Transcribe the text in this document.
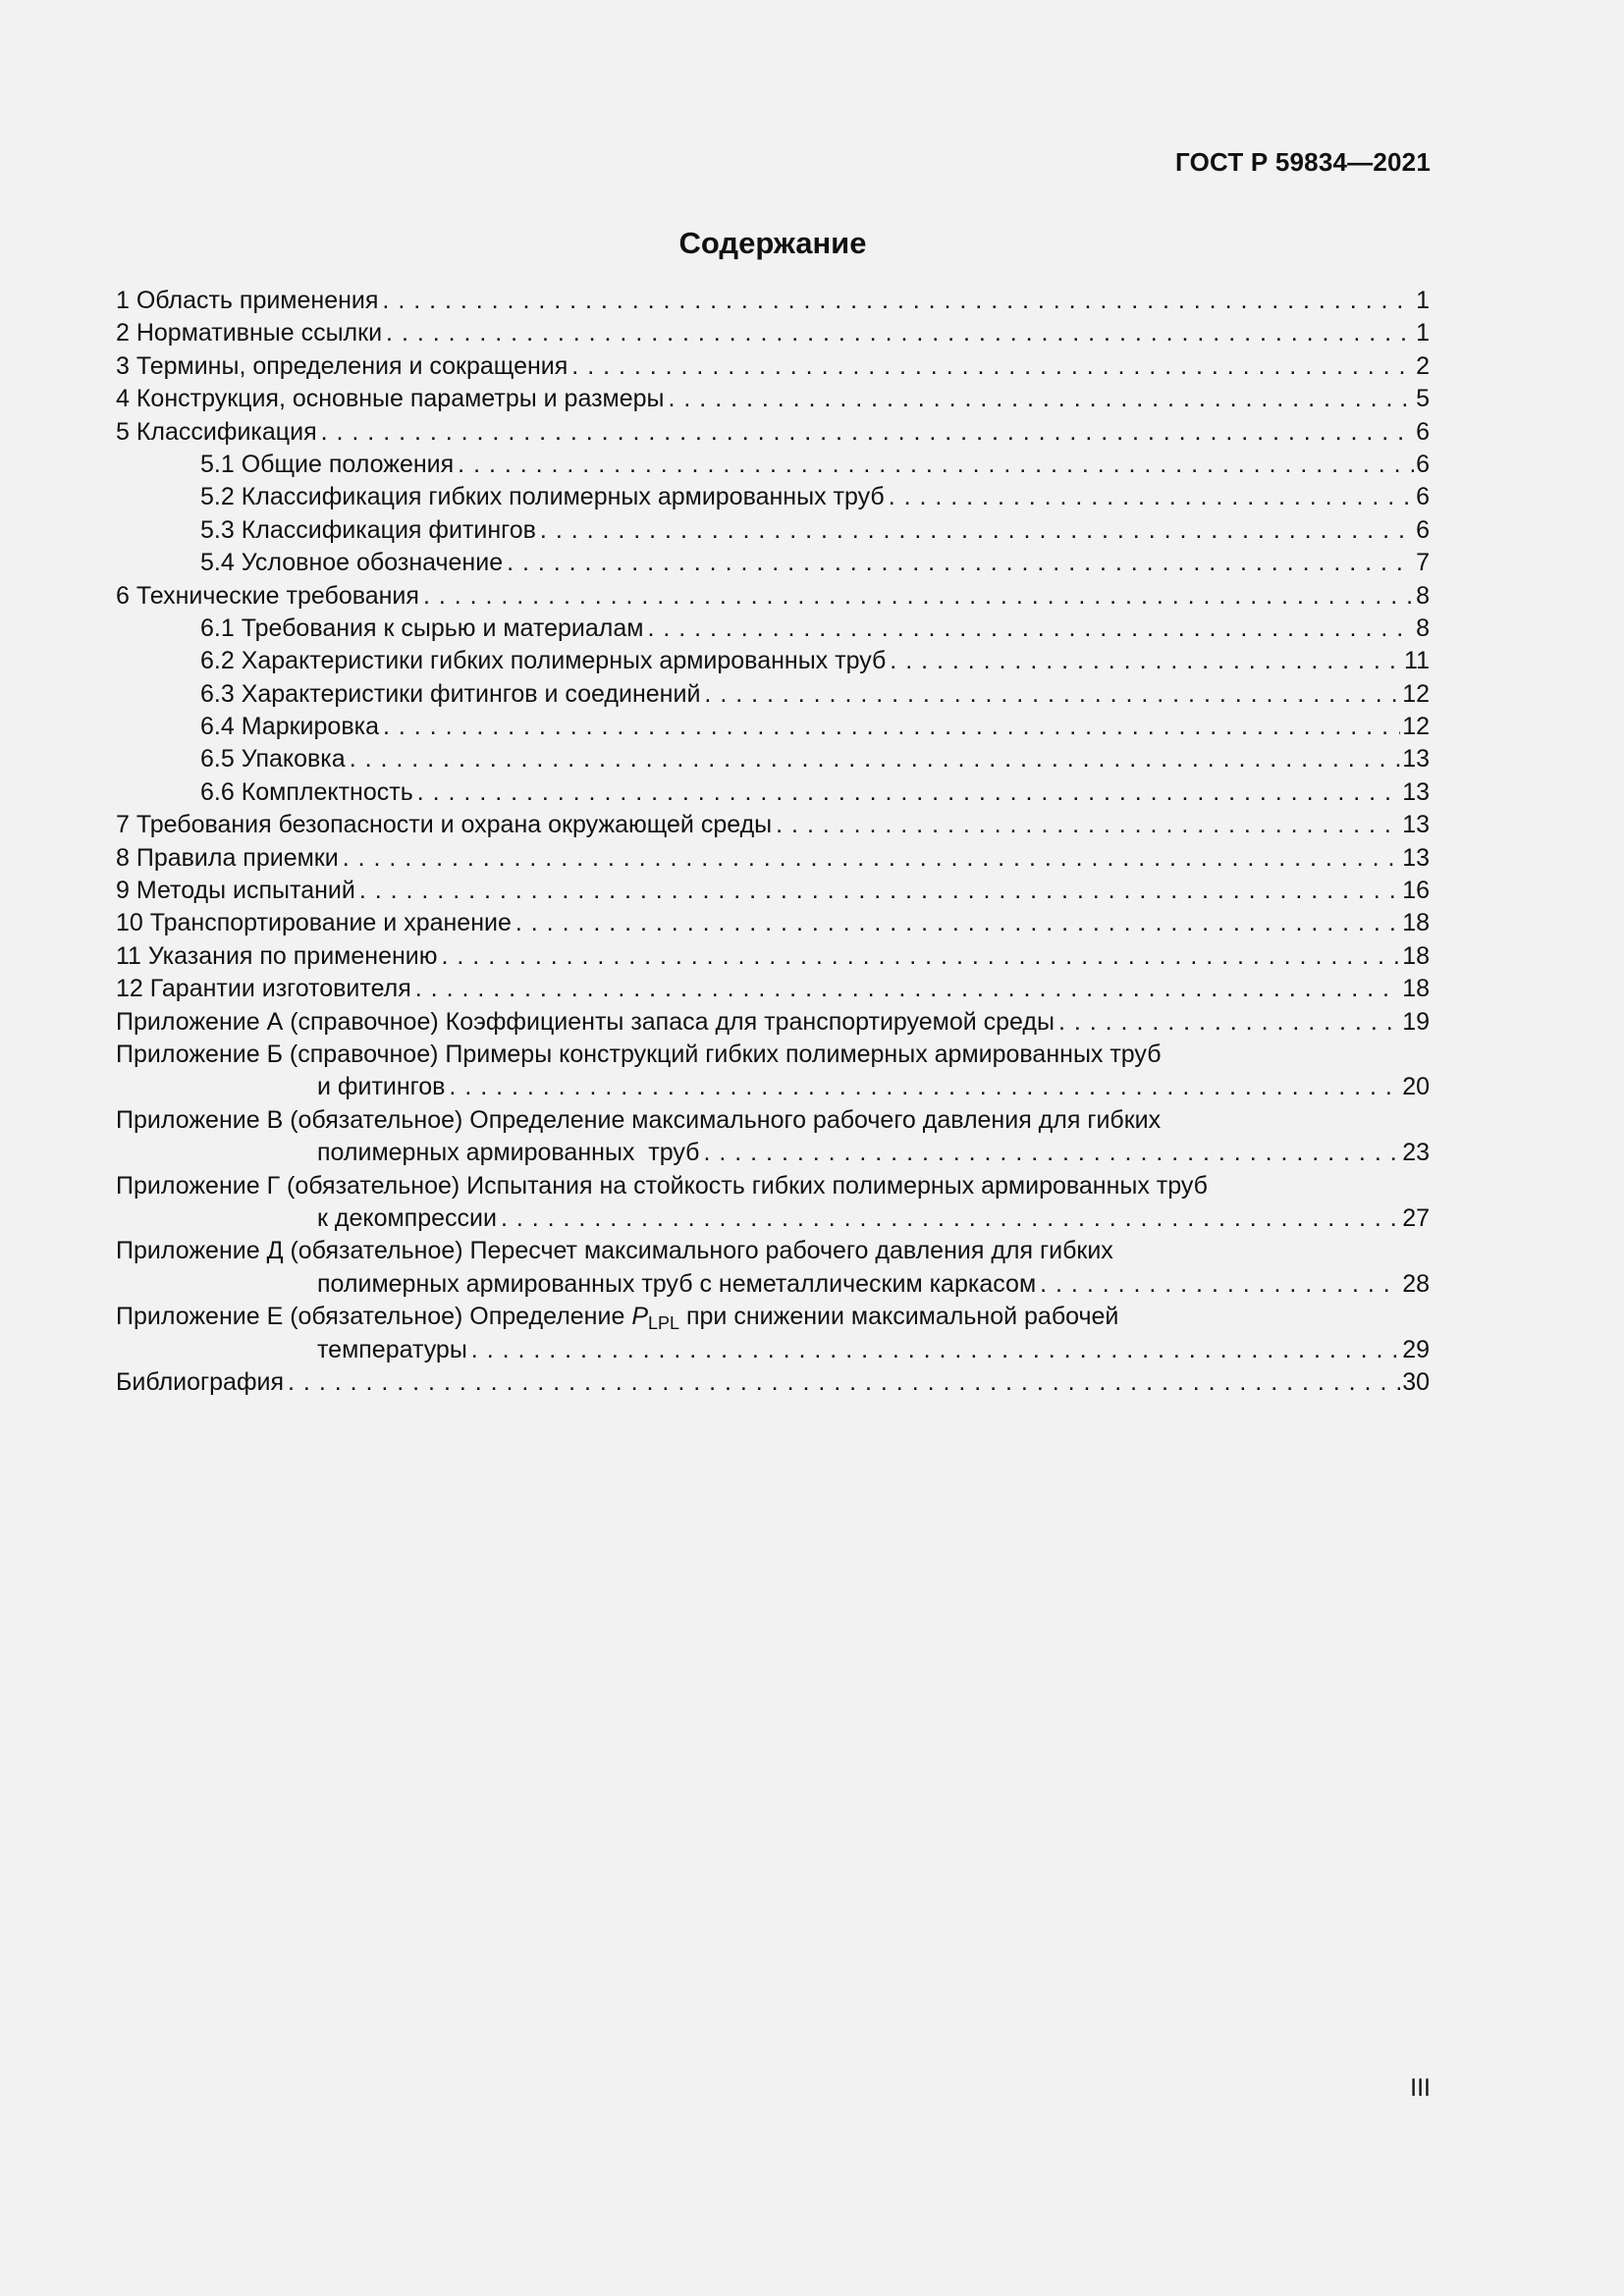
ГОСТ Р 59834—2021
Содержание
1 Область применения . . .	1
2 Нормативные ссылки . . .	1
3 Термины, определения и сокращения . . .	2
4 Конструкция, основные параметры и размеры . . .	5
5 Классификация . . .	6
5.1 Общие положения . . .	6
5.2 Классификация гибких полимерных армированных труб . . .	6
5.3 Классификация фитингов . . .	6
5.4 Условное обозначение . . .	7
6 Технические требования . . .	8
6.1 Требования к сырью и материалам . . .	8
6.2 Характеристики гибких полимерных армированных труб . . .	11
6.3 Характеристики фитингов и соединений . . .	12
6.4 Маркировка . . .	12
6.5 Упаковка . . .	13
6.6 Комплектность . . .	13
7 Требования безопасности и охрана окружающей среды . . .	13
8 Правила приемки . . .	13
9 Методы испытаний . . .	16
10 Транспортирование и хранение . . .	18
11 Указания по применению . . .	18
12 Гарантии изготовителя . . .	18
Приложение А (справочное) Коэффициенты запаса для транспортируемой среды . . .	19
Приложение Б (справочное) Примеры конструкций гибких полимерных армированных труб
и фитингов . . .	20
Приложение В (обязательное) Определение максимального рабочего давления для гибких
полимерных армированных  труб . . .	23
Приложение Г (обязательное) Испытания на стойкость гибких полимерных армированных труб
к декомпрессии . . .	27
Приложение Д (обязательное) Пересчет максимального рабочего давления для гибких
полимерных армированных труб с неметаллическим каркасом . . .	28
Приложение Е (обязательное) Определение $P_{LPL}$ при снижении максимальной рабочей
температуры . . .	29
Библиография . . .	30
III
